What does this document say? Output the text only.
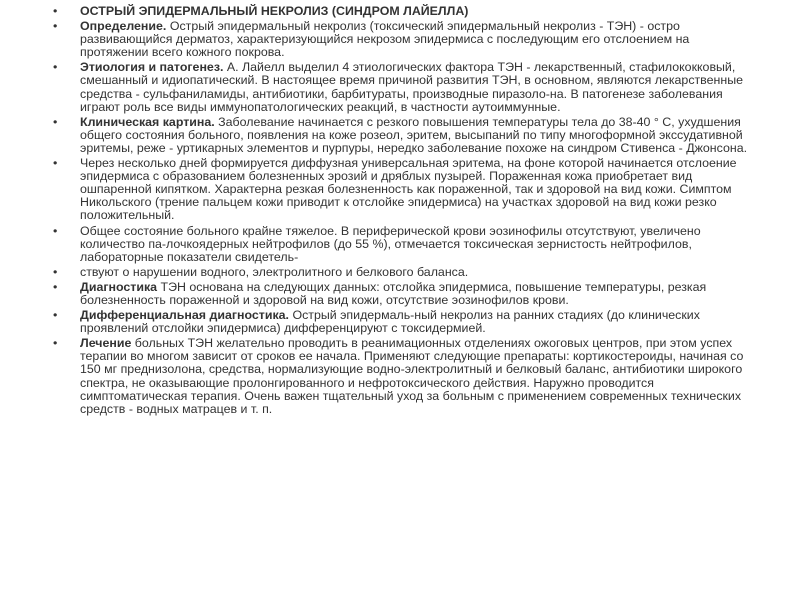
• ОСТРЫЙ ЭПИДЕРМАЛЬНЫЙ НЕКРОЛИЗ (СИНДРОМ ЛАЙЕЛЛА)
• Определение. Острый эпидермальный некролиз (токсический эпидермальный некролиз - ТЭН) - остро развивающийся дерматоз, характеризующийся некрозом эпидермиса с последующим его отслоением на протяжении всего кожного покрова.
• Этиология и патогенез. А. Лайелл выделил 4 этиологических фактора ТЭН - лекарственный, стафилококковый, смешанный и идиопатический. В настоящее время причиной развития ТЭН, в основном, являются лекарственные средства - сульфаниламиды, антибиотики, барбитураты, производные пиразоло-на. В патогенезе заболевания играют роль все виды иммунопатологических реакций, в частности аутоиммунные.
• Клиническая картина. Заболевание начинается с резкого повышения температуры тела до 38-40 ° С, ухудшения общего состояния больного, появления на коже розеол, эритем, высыпаний по типу многоформной экссудативной эритемы, реже - уртикарных элементов и пурпуры, нередко заболевание похоже на синдром Стивенса - Джонсона.
• Через несколько дней формируется диффузная универсальная эритема, на фоне которой начинается отслоение эпидермиса с образованием болезненных эрозий и дряблых пузырей. Пораженная кожа приобретает вид ошпаренной кипятком. Характерна резкая болезненность как пораженной, так и здоровой на вид кожи. Симптом Никольского (трение пальцем кожи приводит к отслойке эпидермиса) на участках здоровой на вид кожи резко положительный.
• Общее состояние больного крайне тяжелое. В периферической крови эозинофилы отсутствуют, увеличено количество па-лочкоядерных нейтрофилов (до 55 %), отмечается токсическая зернистость нейтрофилов, лабораторные показатели свидетель-
• ствуют о нарушении водного, электролитного и белкового баланса.
• Диагностика ТЭН основана на следующих данных: отслойка эпидермиса, повышение температуры, резкая болезненность пораженной и здоровой на вид кожи, отсутствие эозинофилов крови.
• Дифференциальная диагностика. Острый эпидермаль-ный некролиз на ранних стадиях (до клинических проявлений отслойки эпидермиса) дифференцируют с токсидермией.
• Лечение больных ТЭН желательно проводить в реанимационных отделениях ожоговых центров, при этом успех терапии во многом зависит от сроков ее начала. Применяют следующие препараты: кортикостероиды, начиная со 150 мг преднизолона, средства, нормализующие водно-электролитный и белковый баланс, антибиотики широкого спектра, не оказывающие пролонгированного и нефротоксического действия. Наружно проводится симптоматическая терапия. Очень важен тщательный уход за больным с применением современных технических средств - водных матрацев и т. п.
